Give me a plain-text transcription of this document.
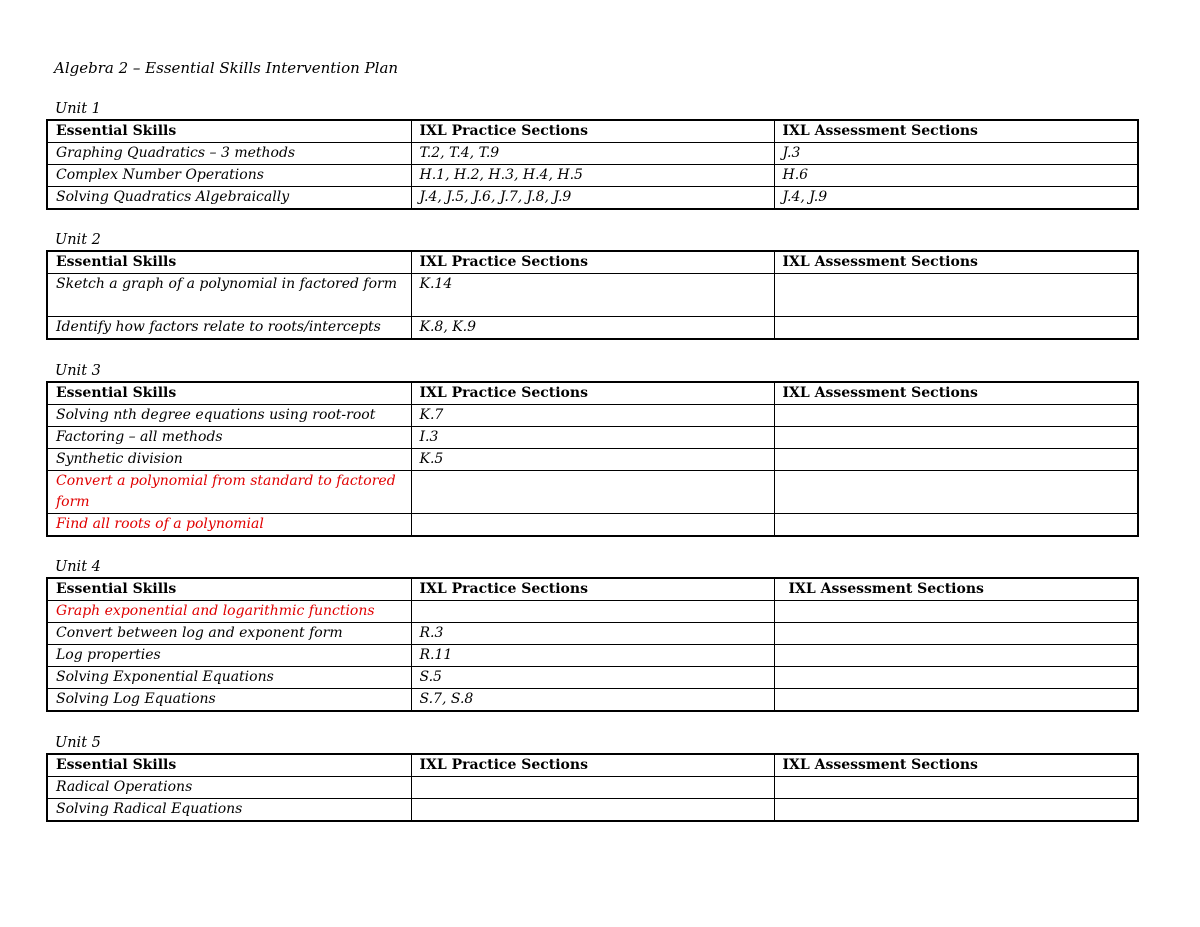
Algebra 2 – Essential Skills Intervention Plan
Unit 1
Essential Skills	IXL Practice Sections	IXL Assessment Sections
Graphing Quadratics – 3 methods	T.2, T.4, T.9	J.3
Complex Number Operations	H.1, H.2, H.3, H.4, H.5	H.6
Solving Quadratics Algebraically	J.4, J.5, J.6, J.7, J.8, J.9	J.4, J.9
Unit 2
Essential Skills	IXL Practice Sections	IXL Assessment Sections
Sketch a graph of a polynomial in factored form	K.14	
Identify how factors relate to roots/intercepts	K.8, K.9	
Unit 3
Essential Skills	IXL Practice Sections	IXL Assessment Sections
Solving nth degree equations using root-root	K.7	
Factoring – all methods	I.3	
Synthetic division	K.5	
Convert a polynomial from standard to factored form		
Find all roots of a polynomial		
Unit 4
Essential Skills	IXL Practice Sections	IXL Assessment Sections
Graph exponential and logarithmic functions		
Convert between log and exponent form	R.3	
Log properties	R.11	
Solving Exponential Equations	S.5	
Solving Log Equations	S.7, S.8	
Unit 5
Essential Skills	IXL Practice Sections	IXL Assessment Sections
Radical Operations		
Solving Radical Equations		
